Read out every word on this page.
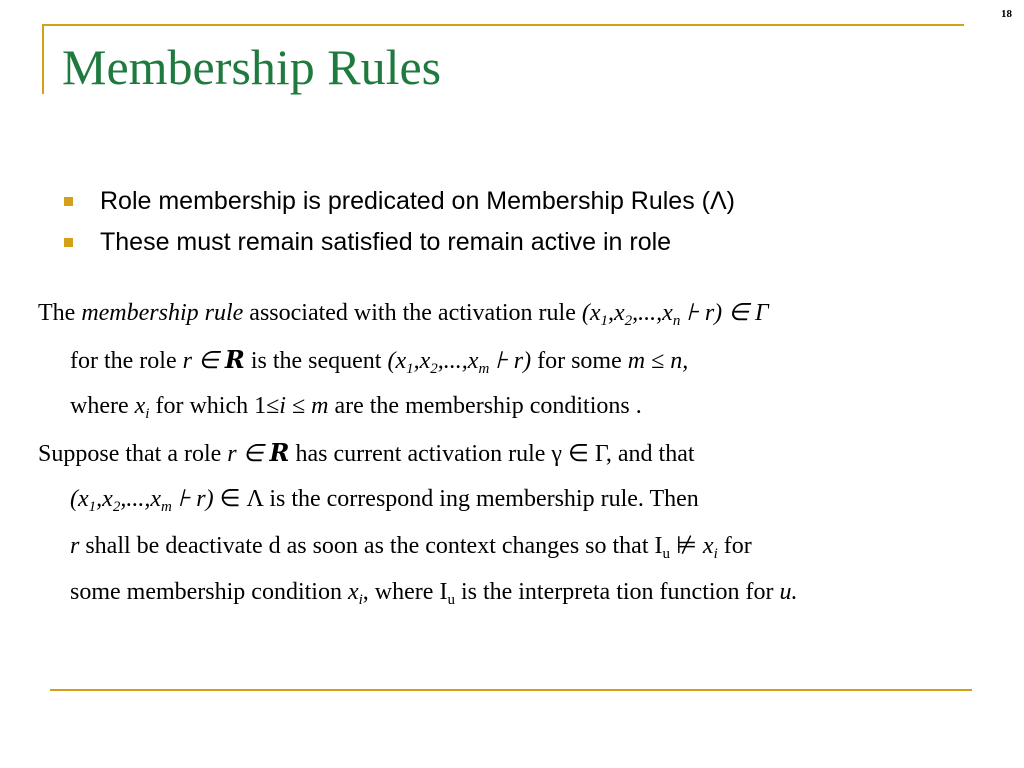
18
Membership Rules
Role membership is predicated on Membership Rules (Λ)
These must remain satisfied to remain active in role
The membership rule associated with the activation rule ($x_1,x_2,...,x_n$ ⊦ r) ∈ Γ
for the role r ∈ R is the sequent ($x_1,x_2,...,x_m$ ⊦ r) for some m ≤ n,
where $x_i$ for which 1≤i ≤ m are the membership conditions .
Suppose that a role r ∈ R has current activation rule γ ∈ Γ, and that
($x_1,x_2,...,x_m$ ⊦ r) ∈ Λ is the correspond ing membership rule. Then
r shall be deactivate d as soon as the context changes so that $I_u$ ⊭ $x_i$ for
some membership condition $x_i$, where $I_u$ is the interpreta tion function for u.
